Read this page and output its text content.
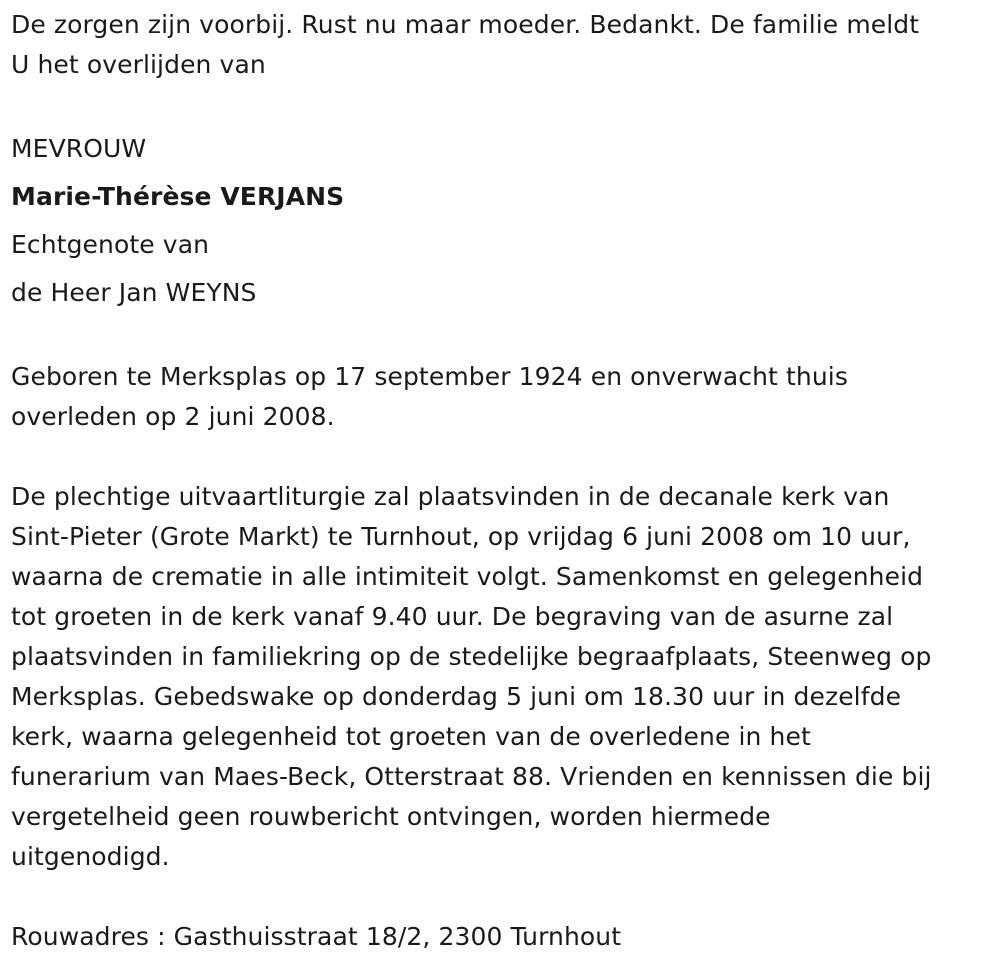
De zorgen zijn voorbij. Rust nu maar moeder. Bedankt. De familie meldt
U het overlijden van
MEVROUW
Marie-Thérèse VERJANS
Echtgenote van
de Heer Jan WEYNS
Geboren te Merksplas op 17 september 1924 en onverwacht thuis
overleden op 2 juni 2008.
De plechtige uitvaartliturgie zal plaatsvinden in de decanale kerk van
Sint-Pieter (Grote Markt) te Turnhout, op vrijdag 6 juni 2008 om 10 uur,
waarna de crematie in alle intimiteit volgt. Samenkomst en gelegenheid
tot groeten in de kerk vanaf 9.40 uur. De begraving van de asurne zal
plaatsvinden in familiekring op de stedelijke begraafplaats, Steenweg op
Merksplas. Gebedswake op donderdag 5 juni om 18.30 uur in dezelfde
kerk, waarna gelegenheid tot groeten van de overledene in het
funerarium van Maes-Beck, Otterstraat 88. Vrienden en kennissen die bij
vergetelheid geen rouwbericht ontvingen, worden hiermede
uitgenodigd.
Rouwadres : Gasthuisstraat 18/2, 2300 Turnhout
